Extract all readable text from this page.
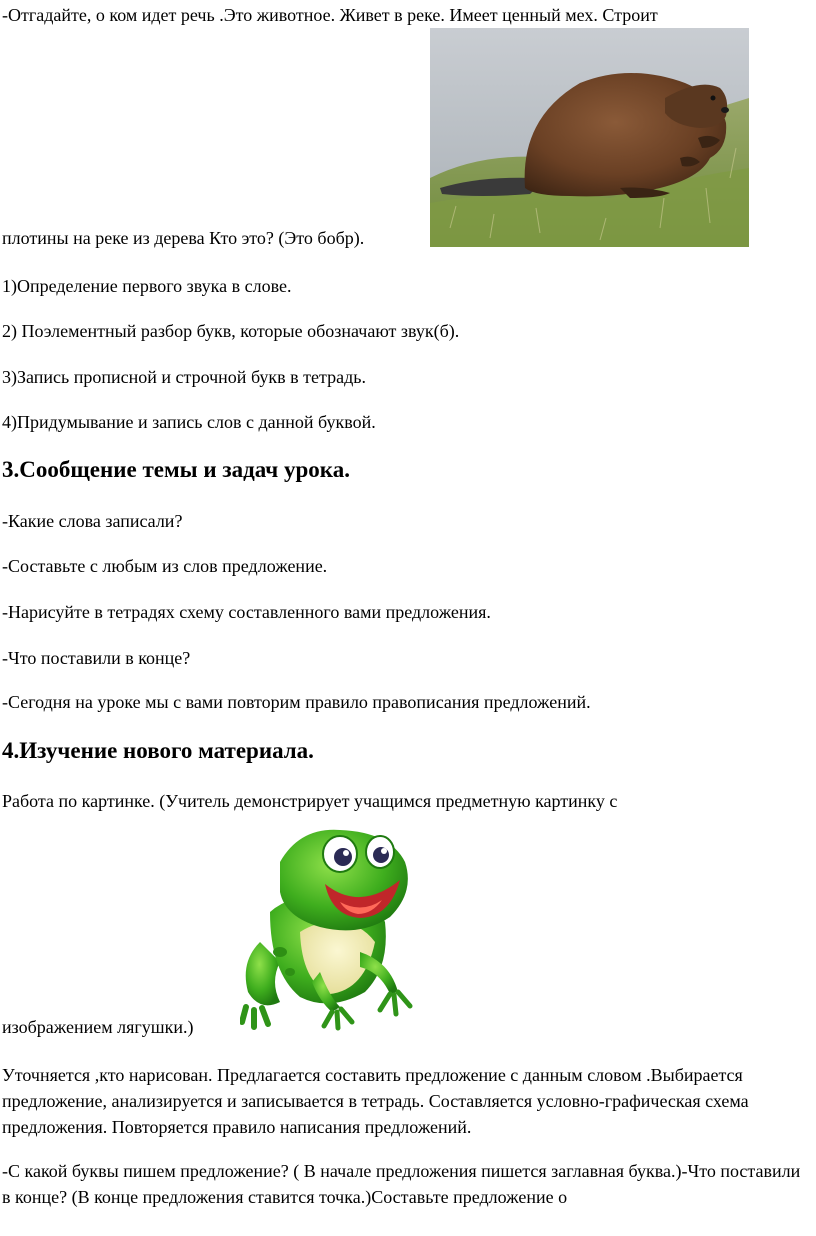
-Отгадайте, о ком идет речь .Это животное. Живет в реке. Имеет ценный мех. Строит

плотины на реке из дерева Кто это? (Это бобр).

1)Определение первого звука в слове.

2) Поэлементный разбор букв, которые обозначают звук(б).

3)Запись прописной и строчной букв в тетрадь.

4)Придумывание и запись слов с данной буквой.

3.Сообщение темы и задач урока.

-Какие слова записали?

-Составьте с любым из слов предложение.

-Нарисуйте в тетрадях схему составленного вами предложения.

-Что поставили в конце?

-Сегодня на уроке мы с вами повторим правило правописания предложений.

4.Изучение нового материала.

Работа по картинке. (Учитель демонстрирует учащимся предметную картинку с

изображением лягушки.)

Уточняется ,кто нарисован. Предлагается составить предложение с данным словом .Выбирается предложение, анализируется и записывается в тетрадь. Составляется условно-графическая схема предложения. Повторяется правило написания предложений.

-С какой буквы пишем предложение? ( В начале предложения пишется заглавная буква.)-Что поставили в конце? (В конце предложения ставится точка.)Составьте предложение о
